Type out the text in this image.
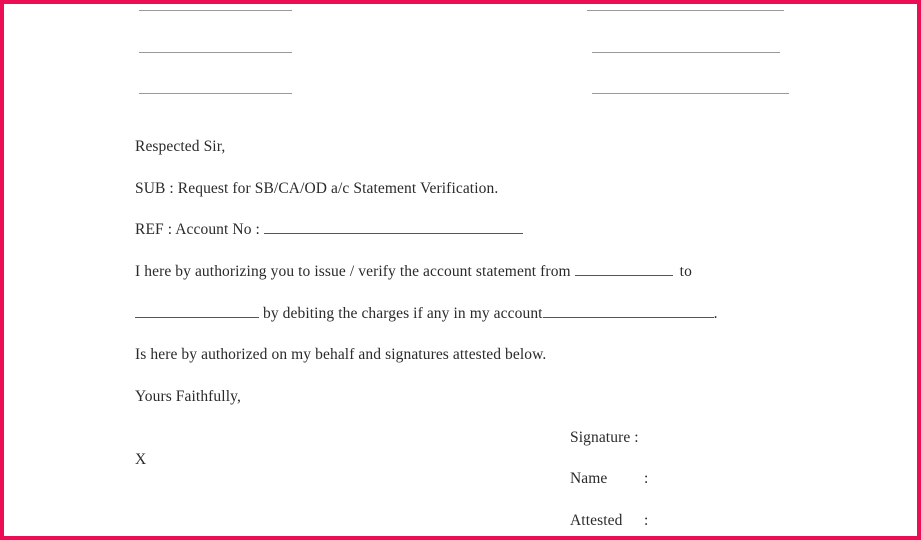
Respected Sir,
SUB : Request for SB/CA/OD a/c Statement Verification.
REF : Account No :
I here by authorizing you to issue / verify the account statement from	to
by debiting the charges if any in my account	.
Is here by authorized on my behalf and signatures attested below.
Yours Faithfully,
X
Signature :
Name :
Attested :
